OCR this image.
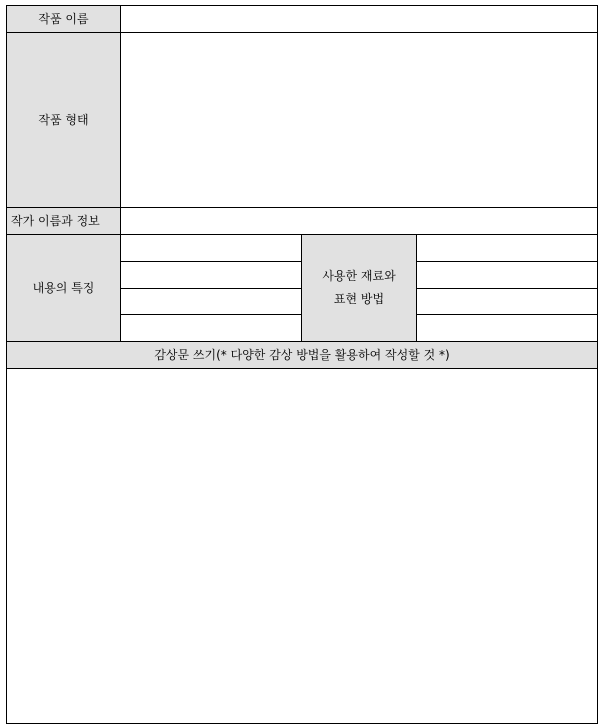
작품 이름			
작품 형태			
작가 이름과 정보			
내용의 특징		사용한 재료와
표현 방법	

감상문 쓰기(* 다양한 감상 방법을 활용하여 작성할 것 *)			
